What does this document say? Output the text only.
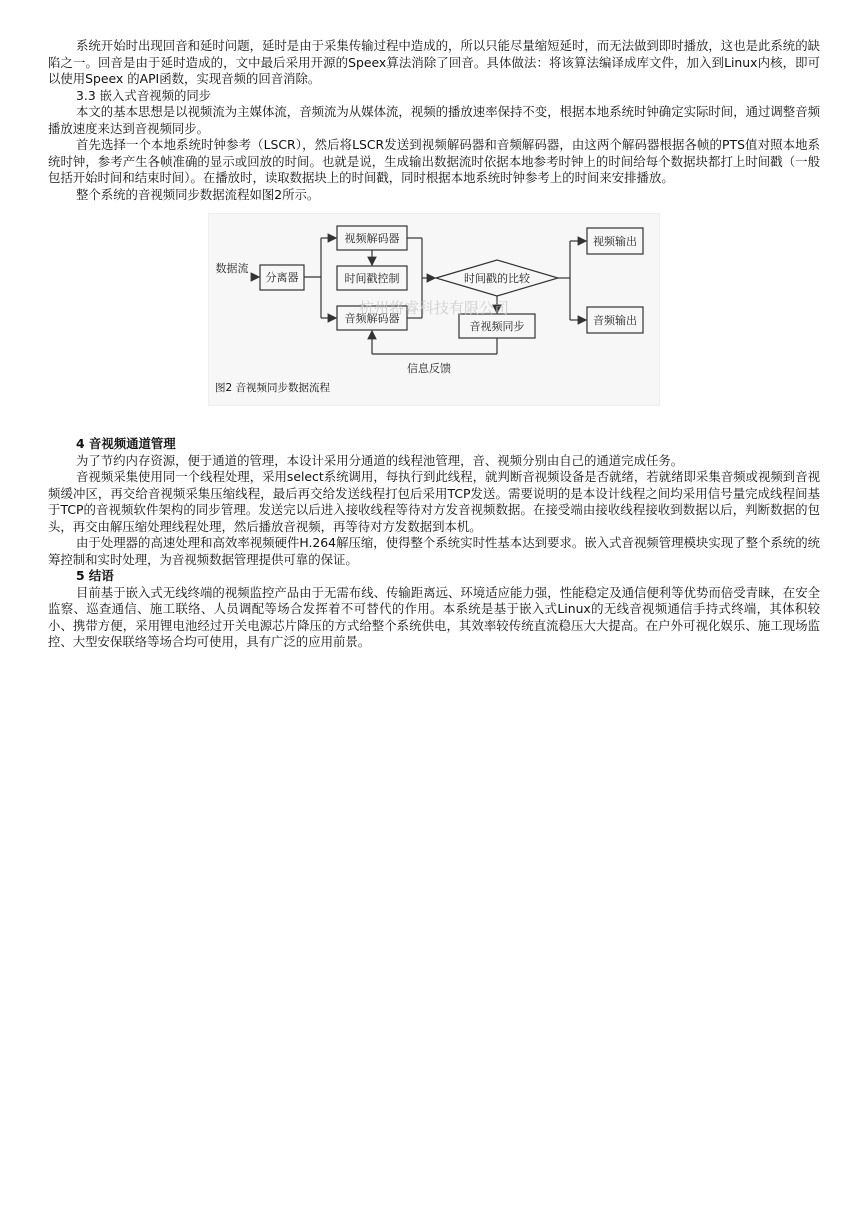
系统开始时出现回音和延时问题，延时是由于采集传输过程中造成的，所以只能尽量缩短延时，而无法做到即时播放，这也是此系统的缺陷之一。回音是由于延时造成的，文中最后采用开源的Speex算法消除了回音。具体做法：将该算法编译成库文件，加入到Linux内核，即可以使用Speex 的API函数，实现音频的回音消除。

3.3 嵌入式音视频的同步

本文的基本思想是以视频流为主媒体流，音频流为从媒体流，视频的播放速率保持不变，根据本地系统时钟确定实际时间，通过调整音频播放速度来达到音视频同步。

首先选择一个本地系统时钟参考（LSCR），然后将LSCR发送到视频解码器和音频解码器，由这两个解码器根据各帧的PTS值对照本地系统时钟，参考产生各帧准确的显示或回放的时间。也就是说，生成输出数据流时依据本地参考时钟上的时间给每个数据块都打上时间戳（一般包括开始时间和结束时间）。在播放时，读取数据块上的时间戳，同时根据本地系统时钟参考上的时间来安排播放。

整个系统的音视频同步数据流程如图2所示。

数据流
分离器
视频解码器
时间戳控制
音频解码器
时间戳的比较
音视频同步
视频输出
音频输出
信息反馈
杭州将睿科技有限公司
图2 音视频同步数据流程

4 音视频通道管理

为了节约内存资源，便于通道的管理，本设计采用分通道的线程池管理，音、视频分别由自己的通道完成任务。

音视频采集使用同一个线程处理，采用select系统调用，每执行到此线程，就判断音视频设备是否就绪，若就绪即采集音频或视频到音视频缓冲区，再交给音视频采集压缩线程，最后再交给发送线程打包后采用TCP发送。需要说明的是本设计线程之间均采用信号量完成线程间基于TCP的音视频软件架构的同步管理。发送完以后进入接收线程等待对方发音视频数据。在接受端由接收线程接收到数据以后，判断数据的包头，再交由解压缩处理线程处理，然后播放音视频，再等待对方发数据到本机。

由于处理器的高速处理和高效率视频硬件H.264解压缩，使得整个系统实时性基本达到要求。嵌入式音视频管理模块实现了整个系统的统筹控制和实时处理，为音视频数据管理提供可靠的保证。

5 结语

目前基于嵌入式无线终端的视频监控产品由于无需布线、传输距离远、环境适应能力强，性能稳定及通信便利等优势而倍受青睐，在安全监察、巡查通信、施工联络、人员调配等场合发挥着不可替代的作用。本系统是基于嵌入式Linux的无线音视频通信手持式终端，其体积较小、携带方便，采用锂电池经过开关电源芯片降压的方式给整个系统供电，其效率较传统直流稳压大大提高。在户外可视化娱乐、施工现场监控、大型安保联络等场合均可使用，具有广泛的应用前景。
